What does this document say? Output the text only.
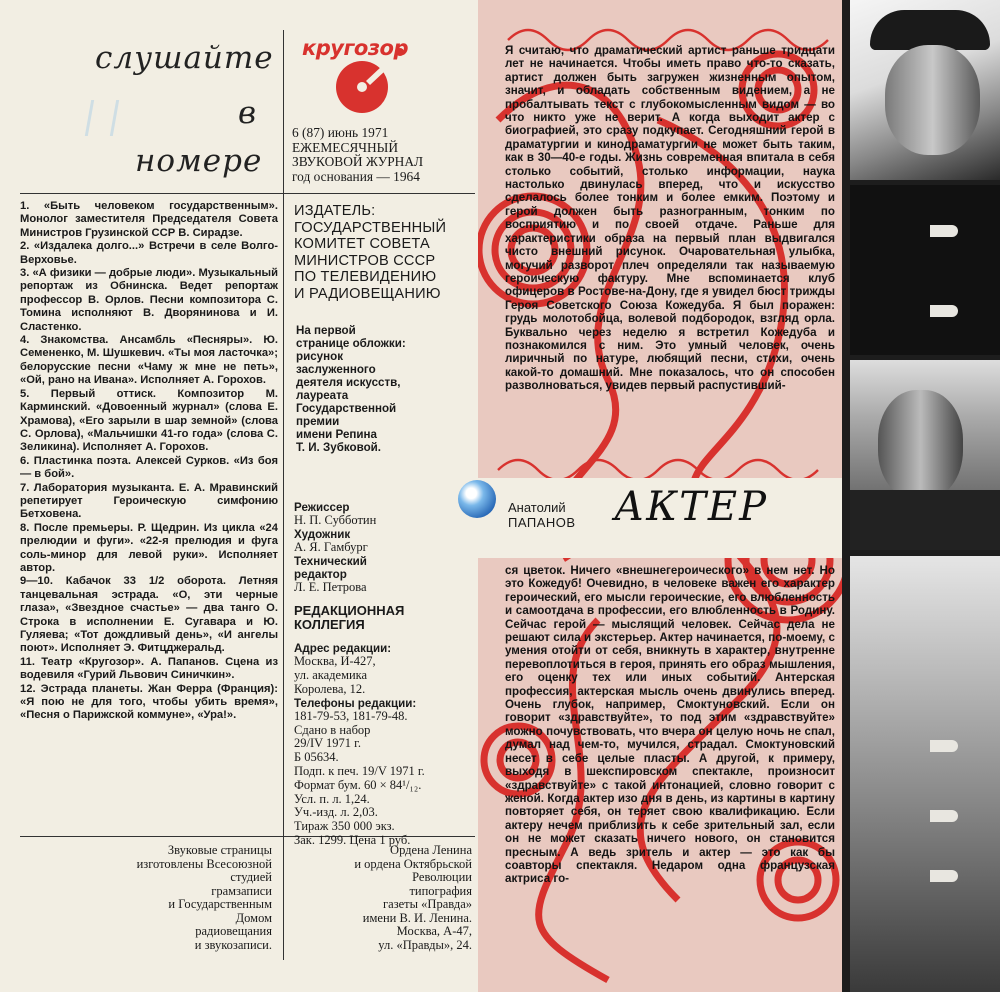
слушайте
в
номере
кругозор

6 (87) июнь 1971

ЕЖЕМЕСЯЧНЫЙ

ЗВУКОВОЙ ЖУРНАЛ

год основания — 1964

1. «Быть человеком государственным». Монолог заместителя Председателя Совета Министров Грузинской ССР В. Сирадзе.

2. «Издалека долго...» Встречи в селе Волго-Верховье.

3. «А физики — добрые люди». Музыкальный репортаж из Обнинска. Ведет репортаж профессор В. Орлов. Песни композитора С. Томина исполняют В. Дворянинова и И. Сластенко.

4. Знакомства. Ансамбль «Песняры». Ю. Семененко, М. Шушкевич. «Ты моя ласточка»; белорусские песни «Чаму ж мне не петь», «Ой, рано на Ивана». Исполняет А. Горохов.

5. Первый оттиск. Композитор М. Карминский. «Довоенный журнал» (слова Е. Храмова), «Его зарыли в шар земной» (слова С. Орлова), «Мальчишки 41-го года» (слова С. Зеликина). Исполняет А. Горохов.

6. Пластинка поэта. Алексей Сурков. «Из боя — в бой».

7. Лаборатория музыканта. Е. А. Мравинский репетирует Героическую симфонию Бетховена.

8. После премьеры. Р. Щедрин. Из цикла «24 прелюдии и фуги». «22-я прелюдия и фуга соль-минор для левой руки». Исполняет автор.

9—10. Кабачок 33 1/2 оборота. Летняя танцевальная эстрада. «О, эти черные глаза», «Звездное счастье» — два танго О. Строка в исполнении Е. Сугавара и Ю. Гуляева; «Тот дождливый день», «И ангелы поют». Исполняет Э. Фитцджеральд.

11. Театр «Кругозор». А. Папанов. Сцена из водевиля «Гурий Львович Синичкин».

12. Эстрада планеты. Жан Ферра (Франция): «Я пою не для того, чтобы убить время», «Песня о Парижской коммуне», «Ура!».

ИЗДАТЕЛЬ:
ГОСУДАРСТВЕННЫЙ
КОМИТЕТ СОВЕТА
МИНИСТРОВ СССР
ПО ТЕЛЕВИДЕНИЮ
И РАДИОВЕЩАНИЮ

На первой

странице обложки:

рисунок

заслуженного

деятеля искусств,

лауреата

Государственной

премии

имени Репина

Т. И. Зубковой.

Режиссер

Н. П. Субботин

Художник

А. Я. Гамбург

Технический

редактор

Л. Е. Петрова

РЕДАКЦИОННАЯ

КОЛЛЕГИЯ

Адрес редакции:

Москва, И-427,

ул. академика

Королева, 12.

Телефоны редакции:

181-79-53, 181-79-48.

Сдано в набор

29/IV 1971 г.

Б 05634.

Подп. к печ. 19/V 1971 г.

Формат бум. 60 × 84¹/₁₂.

Усл. п. л. 1,24.

Уч.-изд. л. 2,03.

Тираж 350 000 экз.

Зак. 1299. Цена 1 руб.

Звуковые страницы

изготовлены Всесоюзной

студией

грамзаписи

и Государственным

Домом

радиовещания

и звукозаписи.

Ордена Ленина

и ордена Октябрьской

Революции

типография

газеты «Правда»

имени В. И. Ленина.

Москва, А-47,

ул. «Правды», 24.

Анатолий
ПАПАНОВ АКТЕР

Я считаю, что драматический артист раньше тридцати лет не начинается. Чтобы иметь право что-то сказать, артист должен быть загружен жизненным опытом, значит, и обладать собственным видением, а не пробалтывать текст с глубокомысленным видом — во что никто уже не верит. А когда выходит актер с биографией, это сразу подкупает. Сегодняшний герой в драматургии и кинодраматургии не может быть таким, как в 30—40-е годы. Жизнь современная впитала в себя столько событий, столько информации, наука настолько двинулась вперед, что и искусство сделалось более тонким и более емким. Поэтому и герой должен быть разногранным, тонким по восприятию и по своей отдаче. Раньше для характеристики образа на первый план выдвигался чисто внешний рисунок. Очаровательная улыбка, могучий разворот плеч определяли так называемую героическую фактуру. Мне вспоминается клуб офицеров в Ростове-на-Дону, где я увидел бюст трижды Героя Советского Союза Кожедуба. Я был поражен: грудь молотобойца, волевой подбородок, взгляд орла. Буквально через неделю я встретил Кожедуба и познакомился с ним. Это умный человек, очень лиричный по натуре, любящий песни, стихи, очень какой-то домашний. Мне показалось, что он способен разволноваться, увидев первый распустивший-

ся цветок. Ничего «внешнегероического» в нем нет. Но это Кожедуб! Очевидно, в человеке важен его характер героический, его мысли героические, его влюбленность и самоотдача в профессии, его влюбленность в Родину. Сейчас герой — мыслящий человек. Сейчас дела не решают сила и экстерьер. Актер начинается, по-моему, с умения отойти от себя, вникнуть в характер, внутренне перевоплотиться в героя, принять его образ мышления, его оценку тех или иных событий. Антерская профессия, актерская мысль очень двинулись вперед. Очень глубок, например, Смоктуновский. Если он говорит «здравствуйте», то под этим «здравствуйте» можно почувствовать, что вчера он целую ночь не спал, думал над чем-то, мучился, страдал. Смоктуновский несет в себе целые пласты. А другой, к примеру, выходя в шекспировском спектакле, произносит «здравствуйте» с такой интонацией, словно говорит с женой. Когда актер изо дня в день, из картины в картину повторяет себя, он теряет свою квалификацию. Если актеру нечем приблизить к себе зрительный зал, если он не может сказать ничего нового, он становится пресным. А ведь зритель и актер — это как бы соавторы спектакля. Недаром одна французская актриса го-
